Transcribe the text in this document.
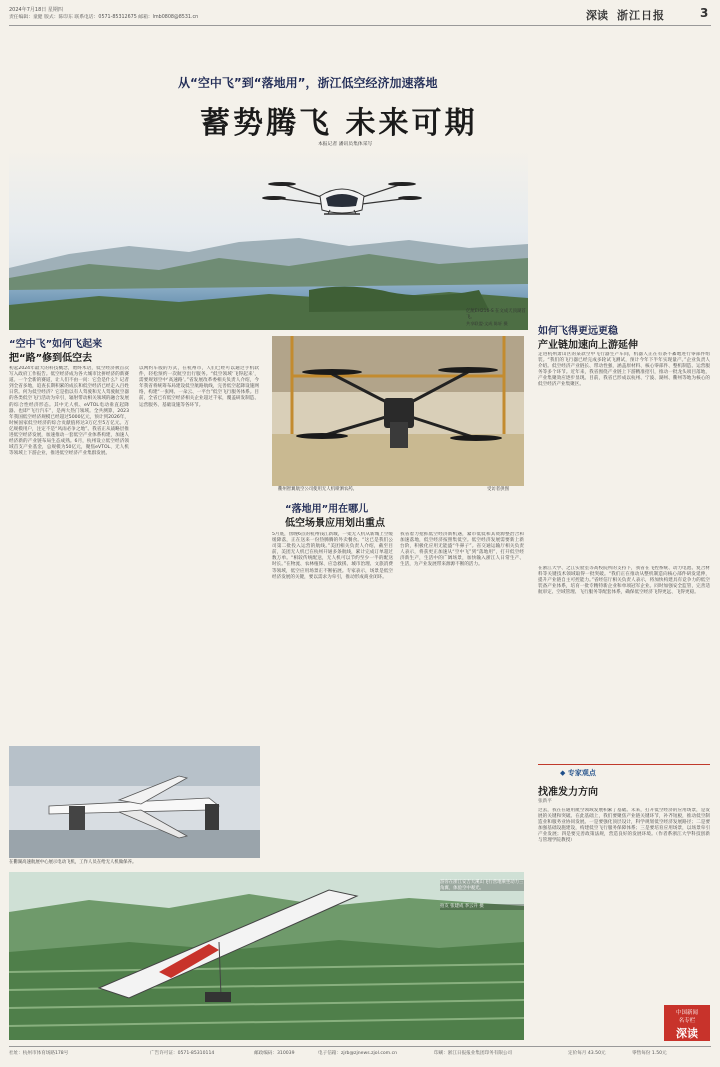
2024年7月18日 星期四
责任编辑：童健 版式：陈印东 联系电话：0571-85312675 邮箱：lmb0808@8531.cn	深读 浙江日报	3
从“空中飞”到“落地用”，浙江低空经济加速落地
蓄势腾飞 未来可期
本报记者 潘讯员集体采写
亿航EH216-S 在文成天顶湖首飞。
共享联盟·文成 陈轩 摄
“空中飞”如何飞起来
把“路”修到低空去
初起2024年最大的科技概念，始终术语，低空经济被首次写入政府工作报告。低空经济成为各大城市比拼经济的新赛道。一个全新的赛道，让人们不由一问：它会是什么？记者到全省多地，追查长期积累的成长和低空经济已经走入百姓日常。何为低空经济？它是指以有人驾驶和无人驾驶航空器的各类低空飞行活动为牵引，辐射带动相关领域的融合发展的综合性经济形态。其中无人机、eVTOL电动垂直起降器、也即“飞行汽车”，是两大热门领域。全共测算，2023年我国低空经济规模已经超过5000亿元，预计到2026年，时候国家低空经济的综合贡献值将达3万亿至5万亿元。万亿规模用户，注定不是“风雨必争之地”。我省正从战略层推进低空经济发展，加速推动一套低空产业体系构建，加速人经济新的产业链布局生态成熟。6月，杭州设立低空经济领域首支产业基金，总规模为50亿元，聚焦eVTOL、无人机等领域上下游企业，推进低空经济产业集群发展。
以网约车般的方式，在杭州市，人们已经可以通过手机软件，轻松预约一次航空出行服务。“低空领域‘飞得起来’，需要规划空中‘高速路’。”省发展改革委相关负责人介绍，今年我省将统筹布局建设低空航路航线，完善低空起降设施网络，构建“一张网、一朵云、一平台”低空飞行服务体系。目前，全省已有低空经济相关企业超过千家，覆盖研发制造、运营服务、基础设施等各环节。
衢州智翼航空公司使用无人机喷洒农药。	受访者供图
“落地用”用在哪儿
低空场景应用划出重点
5月底，傍晚6点的杭州钱江新城，一架无人机从新城上空缓缓降落，正在送来一份热腾腾的外卖餐食。“这已是我们公司第二批投入运营的航线。”美团相关负责人介绍，截至目前，美团无人机已在杭州开通多条航线，累计完成订单超过数万单。“相较传统配送，无人机可以节约至少一半的配送时长。”在物流、农林植保、应急救援、城市治理、文旅消费等领域，低空应用场景正不断拓展。专家表示，场景是低空经济发展的关键，要以需求为牵引，推动形成商业闭环。
我省着力抢抓低空经济新机遇，紧市低低和其资源整治合和加速落地，低空经济按照集低空。低空经济发展需要新上新台阶，积极化应用无能盛“牛鼻子”。省交通运输厅相关负责人表示，将获更正加速从“空中飞”到“落地用”，打开低空经济新生产，生活中的广阔场景，加快输入浙江人日常生产、生活，为产业发展带来源源不断的活力。
如何飞得更远更稳
产业链加速向上游延伸
走进杭州萧山区的某款空中飞行器生产车间，机器人正在有条不紊地进行零部件组装。“我们的飞行器已经完成多轮试飞测试，预计今年下半年实现量产。”企业负责人介绍。低空经济产业链长、带动性强，涵盖原材料、核心零部件、整机制造、运营服务等多个环节。近年来，我省围绕产业链上下游精准招引，推动一批龙头项目落地，产业集聚效应逐步显现。目前，我省已形成以杭州、宁波、湖州、衢州等地为核心的低空经济产业集聚区。
在浙江大学、之江实验室等高校院所的支持下，我省在飞控系统、动力电池、复合材料等关键技术领域取得一批突破。“我们正在推动从整机制造向核心部件研发延伸，提升产业链自主可控能力。”省经信厅相关负责人表示，将加快构建具有竞争力的低空装备产业体系，培育一批专精特新企业和单项冠军企业。同时加强安全监管，完善适航审定、空域管理、飞行服务等配套体系，确保低空经济飞得更远、飞得更稳。
◆ 专家观点
找准发力方向
张新平
过去，我在在通用航空领域发展积累了基础。未来，打开低空经济的应用场景，是发展的关键和突破。在此基础上，我们要聚焦产业链关键环节，补齐短板，推动低空制造业和服务业协同发展。一是要强化顶层设计，科学规划低空经济发展路径；二是要加强基础设施建设，构建低空飞行服务保障体系；三是要培育应用场景，以场景牵引产业发展；四是要完善政策法规，营造良好的发展环境。（作者系浙江大学科技创新与管理学院教授）
中国新闻
名专栏
深读
在衢湖高速航展中心展示电动飞机，工作人员在给无人机做保养。
游客在浙江安吉大溪山飞行营地乘坐动力三角翼，体验空中观光。
拍友 张建成 李云升 摄
社址：杭州市体育场路178号	广告许可证：0571-85310114	邮政编码：310039	电子信箱：zjrb@zjnews.zjol.com.cn	印刷：浙江日报报业集团印务有限公司	定价每月 43.50元	零售每份 1.50元
